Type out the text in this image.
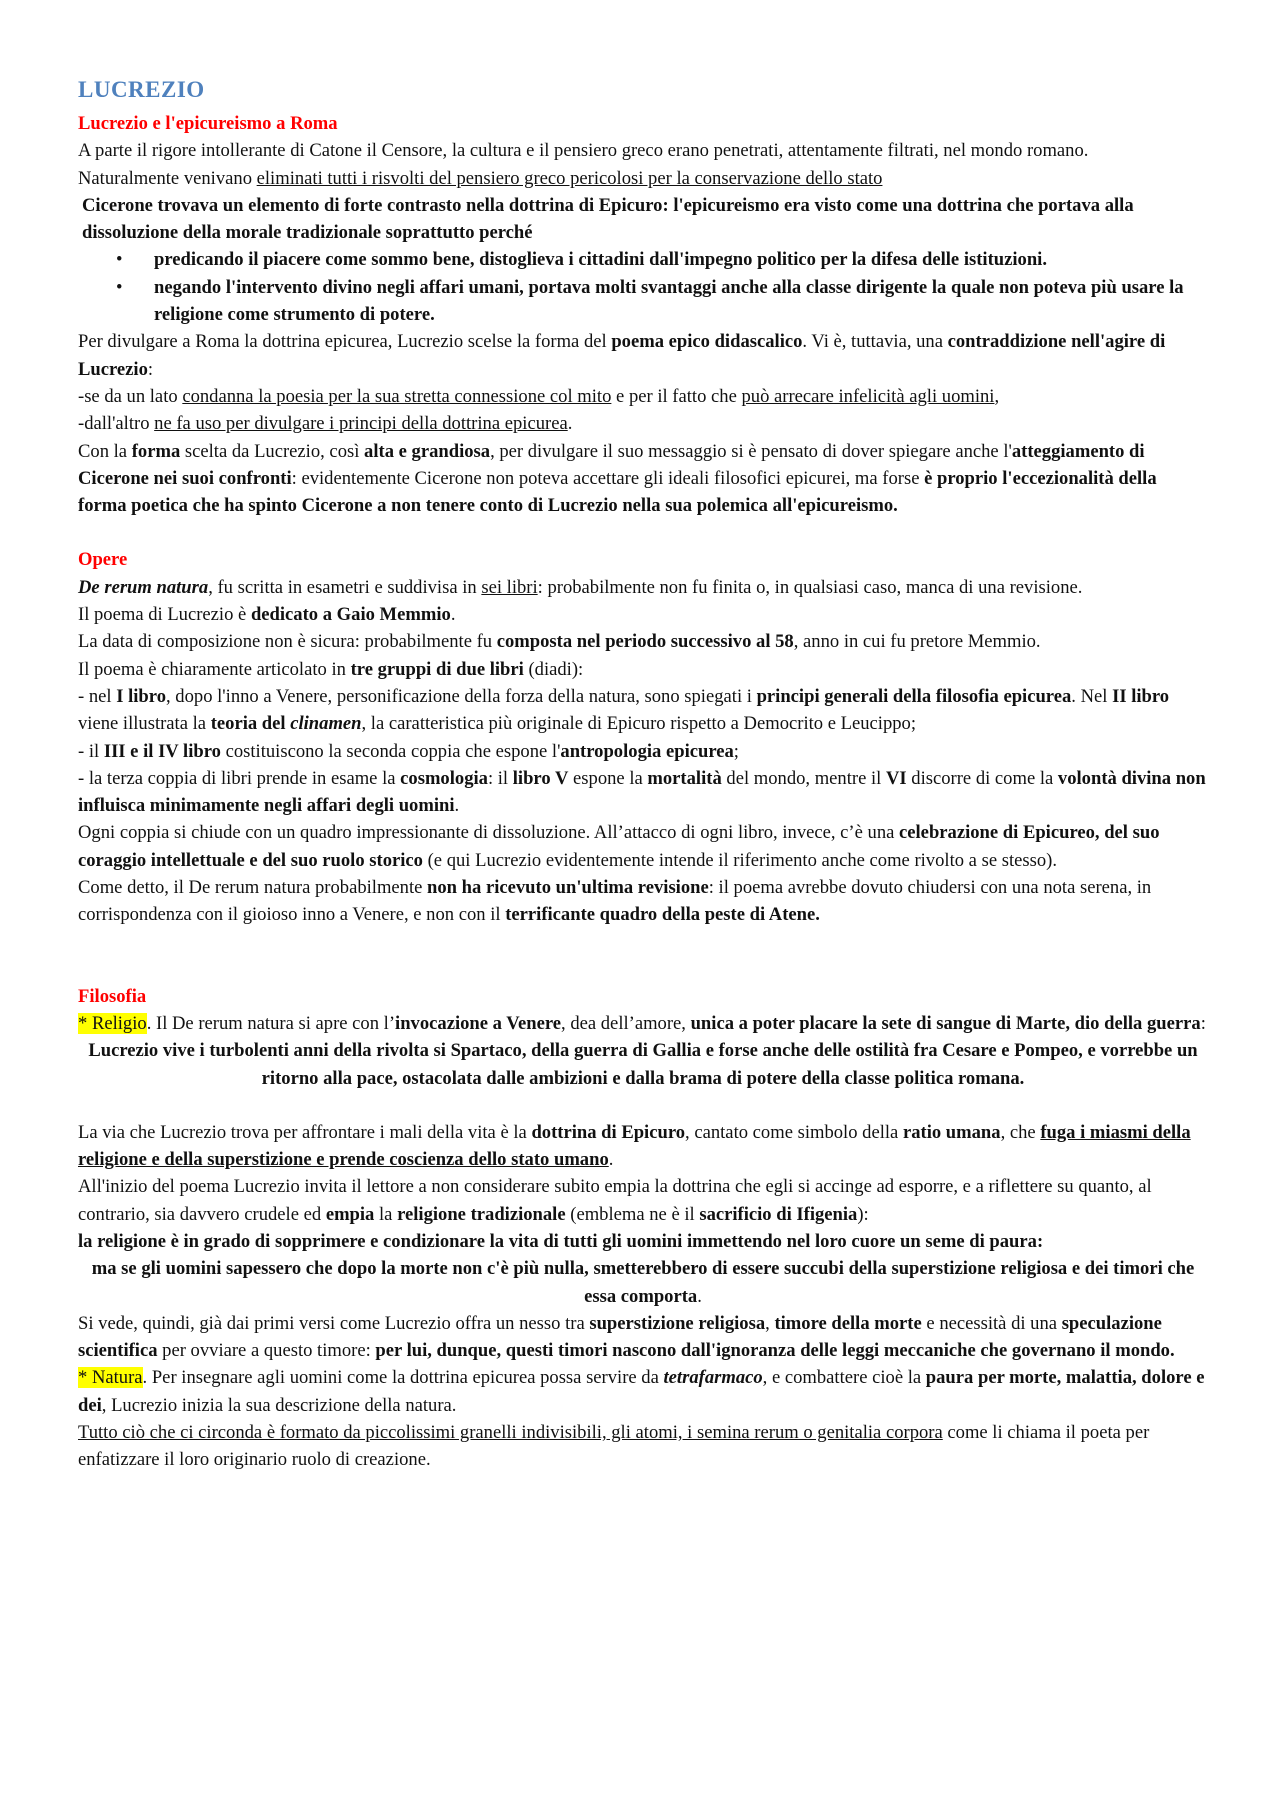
LUCREZIO

Lucrezio e l'epicureismo a Roma

A parte il rigore intollerante di Catone il Censore, la cultura e il pensiero greco erano penetrati, attentamente filtrati, nel mondo romano.

Naturalmente venivano eliminati tutti i risvolti del pensiero greco pericolosi per la conservazione dello stato

Cicerone trovava un elemento di forte contrasto nella dottrina di Epicuro: l'epicureismo era visto come una dottrina che portava alla dissoluzione della morale tradizionale soprattutto perché

• predicando il piacere come sommo bene, distoglieva i cittadini dall'impegno politico per la difesa delle istituzioni.
• negando l'intervento divino negli affari umani, portava molti svantaggi anche alla classe dirigente la quale non poteva più usare la religione come strumento di potere.

Per divulgare a Roma la dottrina epicurea, Lucrezio scelse la forma del poema epico didascalico. Vi è, tuttavia, una contraddizione nell'agire di Lucrezio:

-se da un lato condanna la poesia per la sua stretta connessione col mito e per il fatto che può arrecare infelicità agli uomini,

-dall'altro ne fa uso per divulgare i principi della dottrina epicurea.

Con la forma scelta da Lucrezio, così alta e grandiosa, per divulgare il suo messaggio si è pensato di dover spiegare anche l'atteggiamento di Cicerone nei suoi confronti: evidentemente Cicerone non poteva accettare gli ideali filosofici epicurei, ma forse è proprio l'eccezionalità della forma poetica che ha spinto Cicerone a non tenere conto di Lucrezio nella sua polemica all'epicureismo.

Opere

De rerum natura, fu scritta in esametri e suddivisa in sei libri: probabilmente non fu finita o, in qualsiasi caso, manca di una revisione.

Il poema di Lucrezio è dedicato a Gaio Memmio.

La data di composizione non è sicura: probabilmente fu composta nel periodo successivo al 58, anno in cui fu pretore Memmio.

Il poema è chiaramente articolato in tre gruppi di due libri (diadi):

- nel I libro, dopo l'inno a Venere, personificazione della forza della natura, sono spiegati i principi generali della filosofia epicurea. Nel II libro viene illustrata la teoria del clinamen, la caratteristica più originale di Epicuro rispetto a Democrito e Leucippo;

- il III e il IV libro costituiscono la seconda coppia che espone l'antropologia epicurea;

- la terza coppia di libri prende in esame la cosmologia: il libro V espone la mortalità del mondo, mentre il VI discorre di come la volontà divina non influisca minimamente negli affari degli uomini.

Ogni coppia si chiude con un quadro impressionante di dissoluzione. All’attacco di ogni libro, invece, c’è una celebrazione di Epicureo, del suo coraggio intellettuale e del suo ruolo storico (e qui Lucrezio evidentemente intende il riferimento anche come rivolto a se stesso).

Come detto, il De rerum natura probabilmente non ha ricevuto un'ultima revisione: il poema avrebbe dovuto chiudersi con una nota serena, in corrispondenza con il gioioso inno a Venere, e non con il terrificante quadro della peste di Atene.

Filosofia

* Religio. Il De rerum natura si apre con l’invocazione a Venere, dea dell’amore, unica a poter placare la sete di sangue di Marte, dio della guerra:

Lucrezio vive i turbolenti anni della rivolta si Spartaco, della guerra di Gallia e forse anche delle ostilità fra Cesare e Pompeo, e vorrebbe un ritorno alla pace, ostacolata dalle ambizioni e dalla brama di potere della classe politica romana.

La via che Lucrezio trova per affrontare i mali della vita è la dottrina di Epicuro, cantato come simbolo della ratio umana, che fuga i miasmi della religione e della superstizione e prende coscienza dello stato umano.

All'inizio del poema Lucrezio invita il lettore a non considerare subito empia la dottrina che egli si accinge ad esporre, e a riflettere su quanto, al contrario, sia davvero crudele ed empia la religione tradizionale (emblema ne è il sacrificio di Ifigenia):

la religione è in grado di sopprimere e condizionare la vita di tutti gli uomini immettendo nel loro cuore un seme di paura:

ma se gli uomini sapessero che dopo la morte non c'è più nulla, smetterebbero di essere succubi della superstizione religiosa e dei timori che essa comporta.

Si vede, quindi, già dai primi versi come Lucrezio offra un nesso tra superstizione religiosa, timore della morte e necessità di una speculazione scientifica per ovviare a questo timore: per lui, dunque, questi timori nascono dall'ignoranza delle leggi meccaniche che governano il mondo.

* Natura. Per insegnare agli uomini come la dottrina epicurea possa servire da tetrafarmaco, e combattere cioè la paura per morte, malattia, dolore e dei, Lucrezio inizia la sua descrizione della natura.

Tutto ciò che ci circonda è formato da piccolissimi granelli indivisibili, gli atomi, i semina rerum o genitalia corpora come li chiama il poeta per enfatizzare il loro originario ruolo di creazione.
